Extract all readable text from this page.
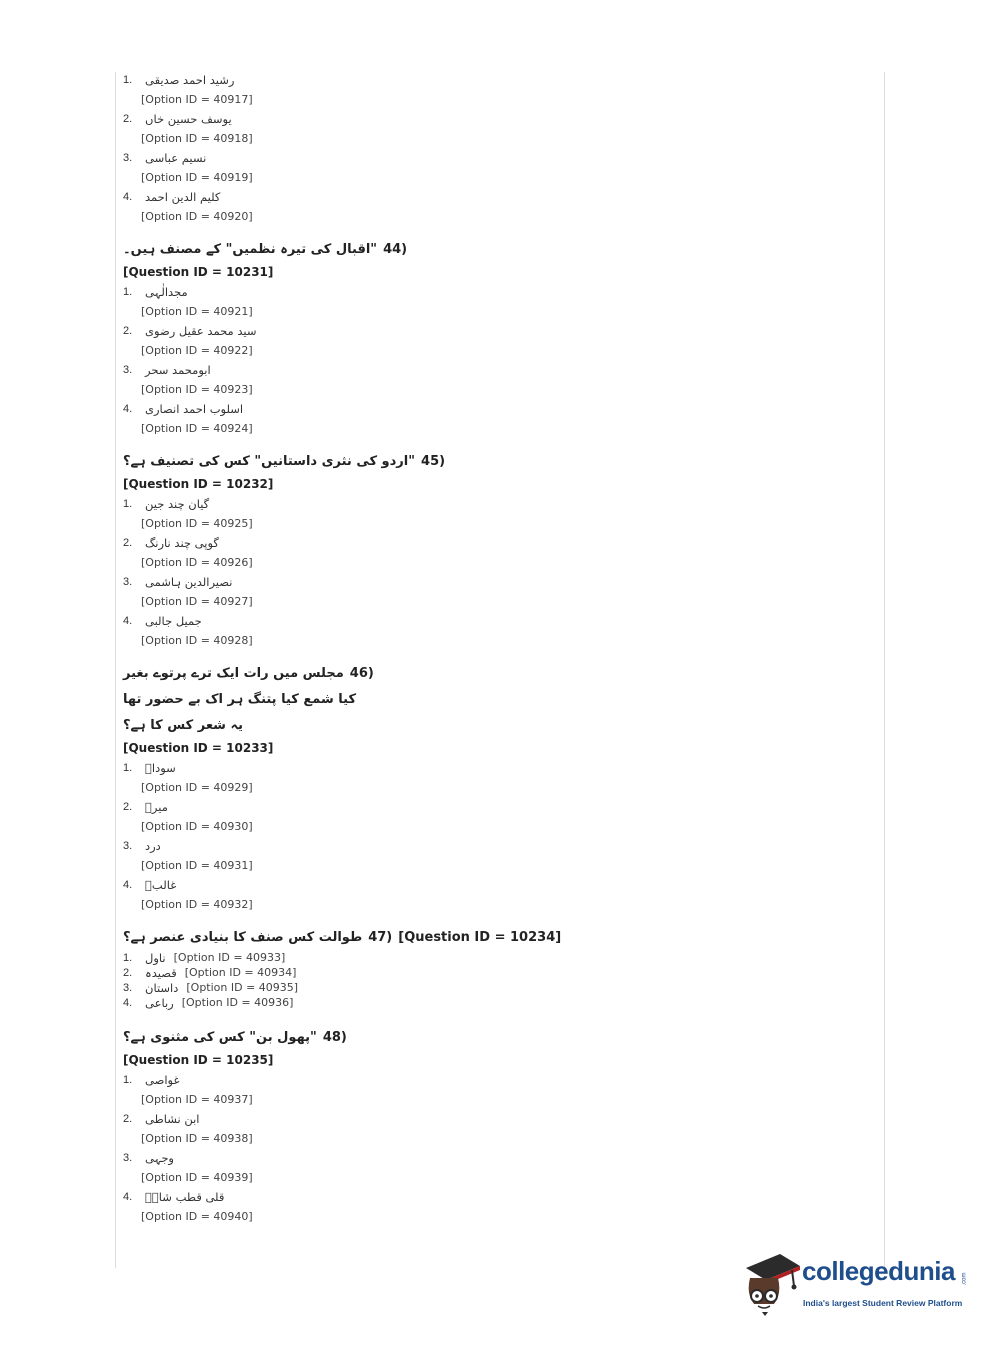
1.	رشید احمد صدیقی
[Option ID = 40917]
2.	یوسف حسین خاں
[Option ID = 40918]
3.	نسیم عباسی
[Option ID = 40919]
4.	کلیم الدین احمد
[Option ID = 40920]
"اقبال کی تیرہ نظمیں" کے مصنف ہیں۔ 44)
[Question ID = 10231]
1.	مجدالٰہی
[Option ID = 40921]
2.	سید محمد عقیل رضوی
[Option ID = 40922]
3.	ابومحمد سحر
[Option ID = 40923]
4.	اسلوب احمد انصاری
[Option ID = 40924]
"اردو کی نثری داستانیں" کس کی تصنیف ہے؟ 45)
[Question ID = 10232]
1.	گیان چند جین
[Option ID = 40925]
2.	گوپی چند نارنگ
[Option ID = 40926]
3.	نصیرالدین ہاشمی
[Option ID = 40927]
4.	جمیل جالبی
[Option ID = 40928]
مجلس میں رات ایک ترے پرتوے بغیر 46)
کیا شمع کیا پتنگ ہر اک بے حضور تھا
یہ شعر کس کا ہے؟
[Question ID = 10233]
1.	سوداؔ
[Option ID = 40929]
2.	میرؔ
[Option ID = 40930]
3.	درد
[Option ID = 40931]
4.	غالبؔ
[Option ID = 40932]
طوالت کس صنف کا بنیادی عنصر ہے؟ 47) [Question ID = 10234]
1.	ناول [Option ID = 40933]
2.	قصیدہ [Option ID = 40934]
3.	داستان [Option ID = 40935]
4.	رباعی [Option ID = 40936]
"پھول بن" کس کی مثنوی ہے؟ 48)
[Question ID = 10235]
1.	غواصی
[Option ID = 40937]
2.	ابن نشاطی
[Option ID = 40938]
3.	وجہی
[Option ID = 40939]
4.	قلی قطب شاہؔ
[Option ID = 40940]
collegedunia .com
India's largest Student Review Platform
